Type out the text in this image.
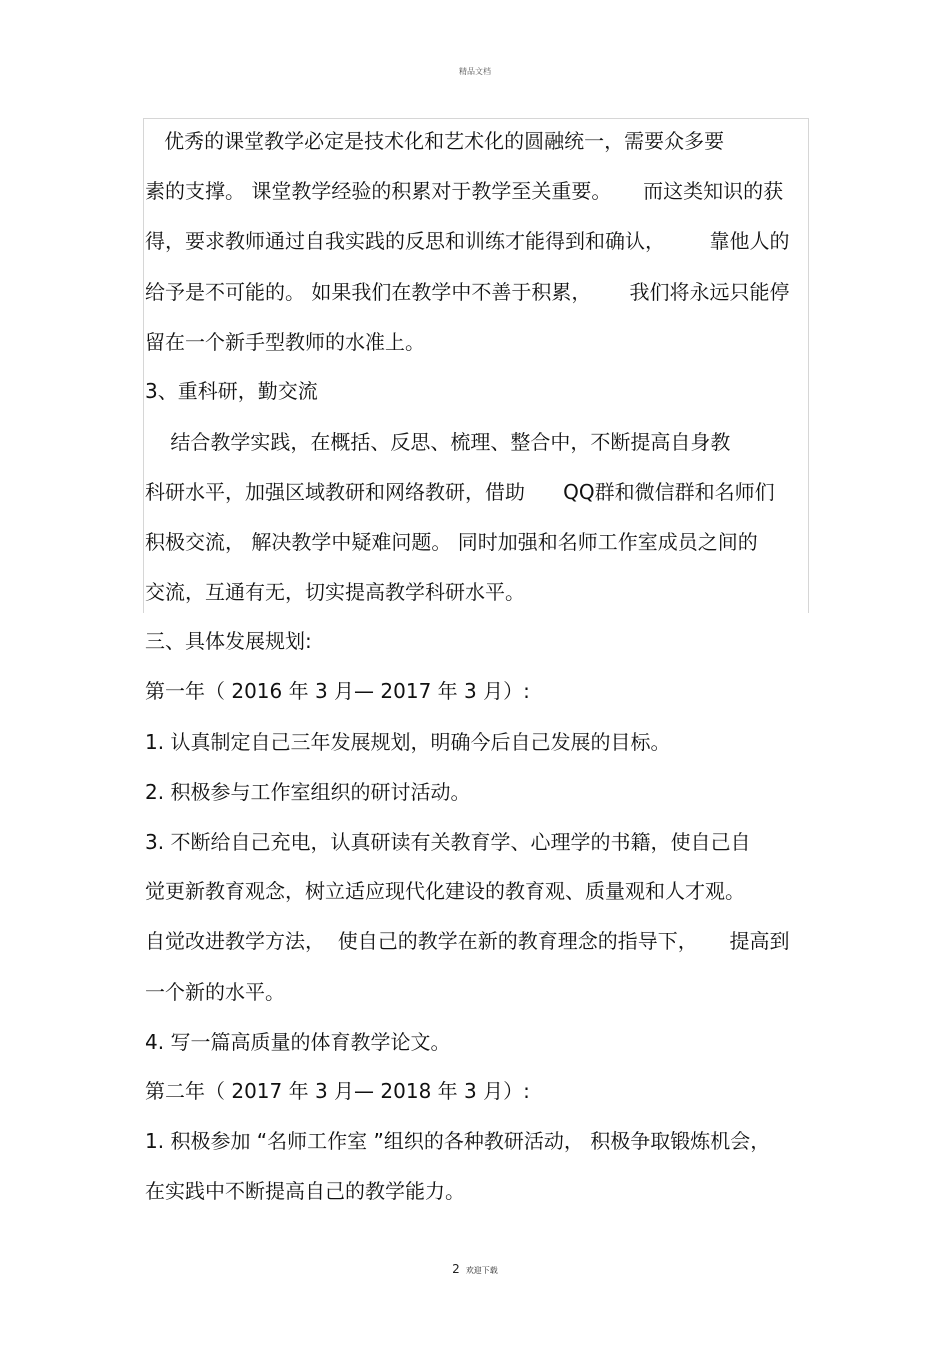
精品文档
优秀的课堂教学必定是技术化和艺术化的圆融统一，需要众多要
素的支撑。 课堂教学经验的积累对于教学至关重要。     而这类知识的获
得，要求教师通过自我实践的反思和训练才能得到和确认，       靠他人的
给予是不可能的。 如果我们在教学中不善于积累，      我们将永远只能停
留在一个新手型教师的水准上。
3、重科研，勤交流
结合教学实践，在概括、反思、梳理、整合中，不断提高自身教
科研水平，加强区域教研和网络教研，借助      QQ群和微信群和名师们
积极交流， 解决教学中疑难问题。 同时加强和名师工作室成员之间的
交流，互通有无，切实提高教学科研水平。
三、具体发展规划:
第一年（ 2016 年 3 月— 2017 年 3 月）:
1. 认真制定自己三年发展规划，明确今后自己发展的目标。
2. 积极参与工作室组织的研讨活动。
3. 不断给自己充电，认真研读有关教育学、心理学的书籍，使自己自
觉更新教育观念，树立适应现代化建设的教育观、质量观和人才观。
自觉改进教学方法，  使自己的教学在新的教育理念的指导下，     提高到
一个新的水平。
4. 写一篇高质量的体育教学论文。
第二年（ 2017 年 3 月— 2018 年 3 月）:
1. 积极参加 “名师工作室 ”组织的各种教研活动， 积极争取锻炼机会，
在实践中不断提高自己的教学能力。
2 欢迎下载
